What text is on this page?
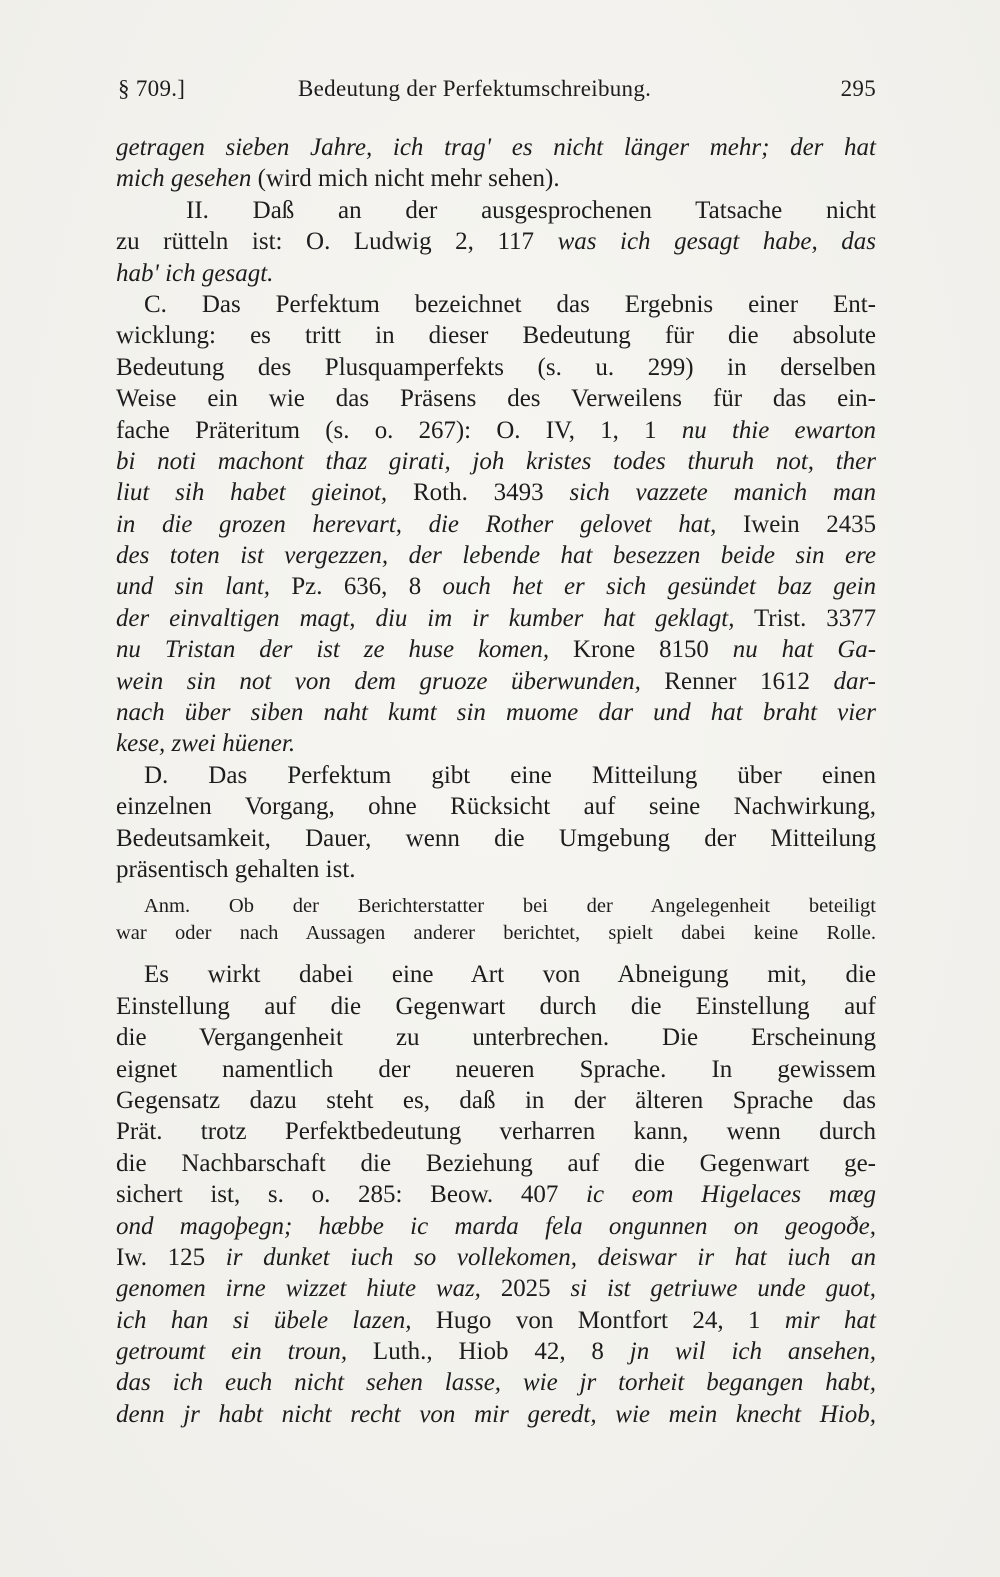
§ 709.]	Bedeutung der Perfektumschreibung.	295
getragen sieben Jahre, ich trag' es nicht länger mehr; der hat
mich gesehen (wird mich nicht mehr sehen).
II. Daß an der ausgesprochenen Tatsache nicht
zu rütteln ist: O. Ludwig 2, 117 was ich gesagt habe, das
hab' ich gesagt.
C. Das Perfektum bezeichnet das Ergebnis einer Ent-
wicklung: es tritt in dieser Bedeutung für die absolute
Bedeutung des Plusquamperfekts (s. u. 299) in derselben
Weise ein wie das Präsens des Verweilens für das ein-
fache Präteritum (s. o. 267): O. IV, 1, 1 nu thie ewarton
bi noti machont thaz girati, joh kristes todes thuruh not, ther
liut sih habet gieinot, Roth. 3493 sich vazzete manich man
in die grozen herevart, die Rother gelovet hat, Iwein 2435
des toten ist vergezzen, der lebende hat besezzen beide sin ere
und sin lant, Pz. 636, 8 ouch het er sich gesündet baz gein
der einvaltigen magt, diu im ir kumber hat geklagt, Trist. 3377
nu Tristan der ist ze huse komen, Krone 8150 nu hat Ga-
wein sin not von dem gruoze überwunden, Renner 1612 dar-
nach über siben naht kumt sin muome dar und hat braht vier
kese, zwei hüener.
D. Das Perfektum gibt eine Mitteilung über einen
einzelnen Vorgang, ohne Rücksicht auf seine Nachwirkung,
Bedeutsamkeit, Dauer, wenn die Umgebung der Mitteilung
präsentisch gehalten ist.
Anm. Ob der Berichterstatter bei der Angelegenheit beteiligt
war oder nach Aussagen anderer berichtet, spielt dabei keine Rolle.
Es wirkt dabei eine Art von Abneigung mit, die
Einstellung auf die Gegenwart durch die Einstellung auf
die Vergangenheit zu unterbrechen. Die Erscheinung
eignet namentlich der neueren Sprache. In gewissem
Gegensatz dazu steht es, daß in der älteren Sprache das
Prät. trotz Perfektbedeutung verharren kann, wenn durch
die Nachbarschaft die Beziehung auf die Gegenwart ge-
sichert ist, s. o. 285: Beow. 407 ic eom Higelaces mæg
ond magoþegn; hæbbe ic marda fela ongunnen on geogoðe,
Iw. 125 ir dunket iuch so vollekomen, deiswar ir hat iuch an
genomen irne wizzet hiute waz, 2025 si ist getriuwe unde guot,
ich han si übele lazen, Hugo von Montfort 24, 1 mir hat
getroumt ein troun, Luth., Hiob 42, 8 jn wil ich ansehen,
das ich euch nicht sehen lasse, wie jr torheit begangen habt,
denn jr habt nicht recht von mir geredt, wie mein knecht Hiob,
